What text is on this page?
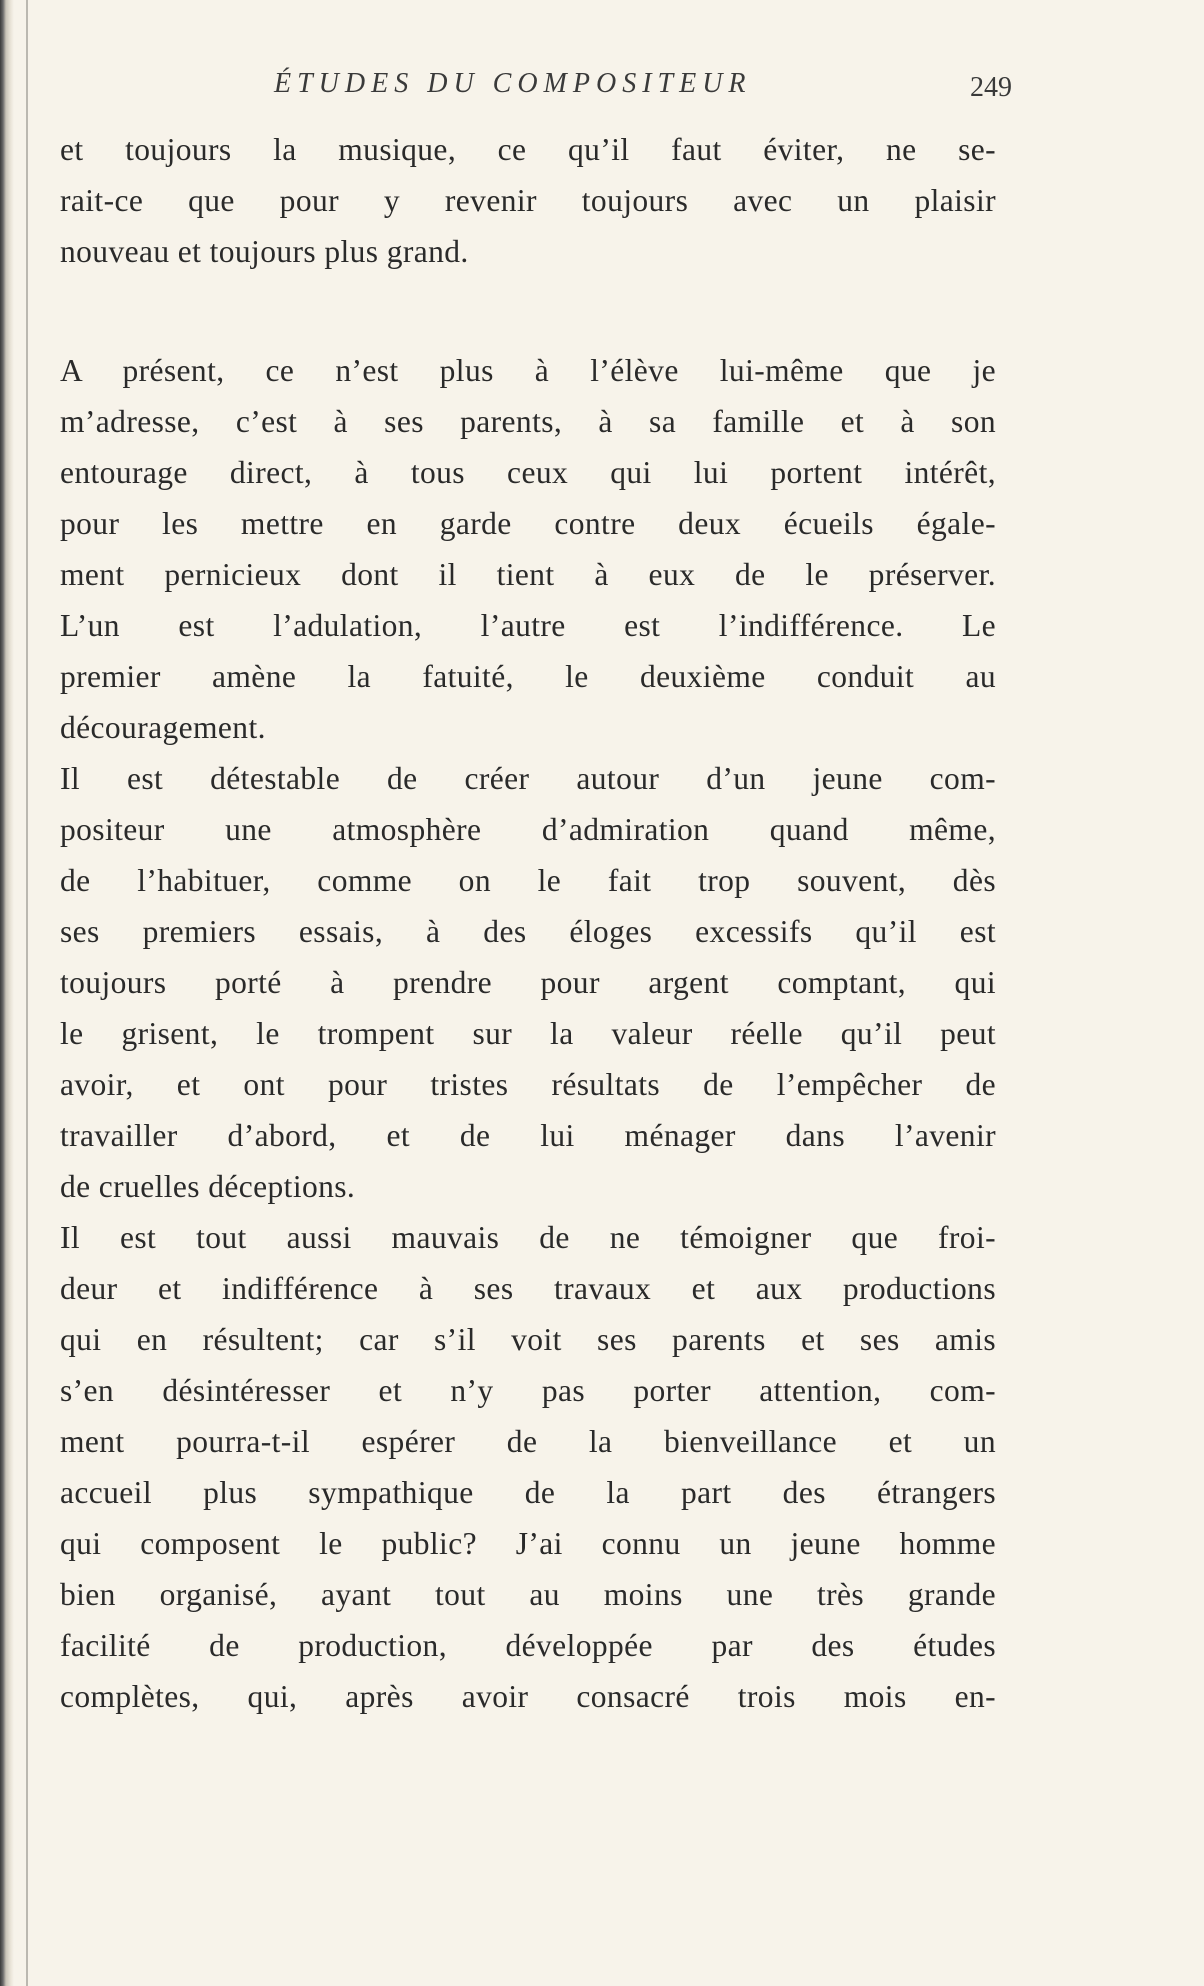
ÉTUDES DU COMPOSITEUR	249
et toujours la musique, ce qu’il faut éviter, ne se-
rait-ce que pour y revenir toujours avec un plaisir
nouveau et toujours plus grand.
A présent, ce n’est plus à l’élève lui-même que je
m’adresse, c’est à ses parents, à sa famille et à son
entourage direct, à tous ceux qui lui portent intérêt,
pour les mettre en garde contre deux écueils égale-
ment pernicieux dont il tient à eux de le préserver.
L’un est l’adulation, l’autre est l’indifférence. Le
premier amène la fatuité, le deuxième conduit au
découragement.
Il est détestable de créer autour d’un jeune com-
positeur une atmosphère d’admiration quand même,
de l’habituer, comme on le fait trop souvent, dès
ses premiers essais, à des éloges excessifs qu’il est
toujours porté à prendre pour argent comptant, qui
le grisent, le trompent sur la valeur réelle qu’il peut
avoir, et ont pour tristes résultats de l’empêcher de
travailler d’abord, et de lui ménager dans l’avenir
de cruelles déceptions.
Il est tout aussi mauvais de ne témoigner que froi-
deur et indifférence à ses travaux et aux productions
qui en résultent; car s’il voit ses parents et ses amis
s’en désintéresser et n’y pas porter attention, com-
ment pourra-t-il espérer de la bienveillance et un
accueil plus sympathique de la part des étrangers
qui composent le public? J’ai connu un jeune homme
bien organisé, ayant tout au moins une très grande
facilité de production, développée par des études
complètes, qui, après avoir consacré trois mois en-
